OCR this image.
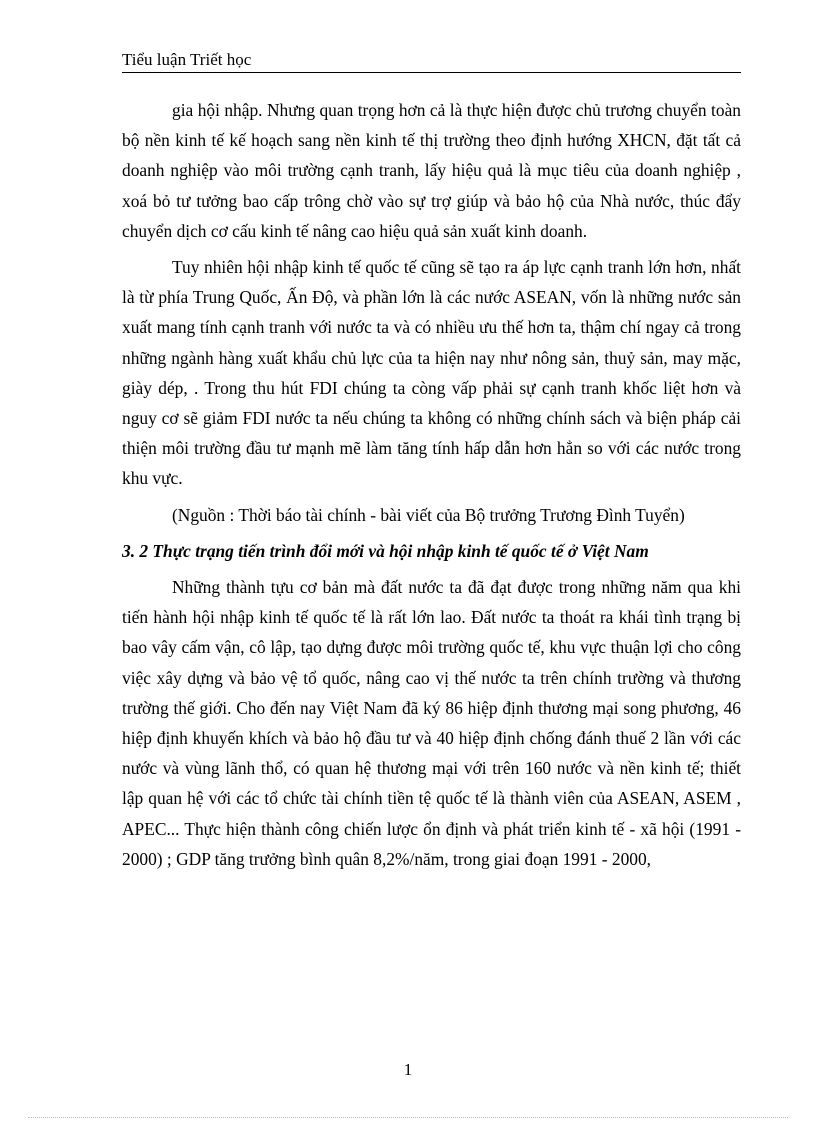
Tiểu luận Triết học

gia hội nhập. Nhưng quan trọng hơn cả là thực hiện được chủ trương chuyển toàn bộ nền kinh tế kế hoạch sang nền kinh tế thị trường theo định hướng XHCN, đặt tất cả doanh nghiệp vào môi trường cạnh tranh, lấy hiệu quả là mục tiêu của doanh nghiệp , xoá bỏ tư tưởng bao cấp trông chờ vào sự trợ giúp và bảo hộ của Nhà nước, thúc đẩy chuyển dịch cơ cấu kinh tế nâng cao hiệu quả sản xuất kinh doanh.

Tuy nhiên hội nhập kinh tế quốc tế cũng sẽ tạo ra áp lực cạnh tranh lớn hơn, nhất là từ phía Trung Quốc, Ấn Độ, và phần lớn là các nước ASEAN, vốn là những nước sản xuất mang tính cạnh tranh với nước ta và có nhiều ưu thế hơn ta, thậm chí ngay cả trong những ngành hàng xuất khẩu chủ lực của ta hiện nay như nông sản, thuỷ sản, may mặc, giày dép, . Trong thu hút FDI chúng ta còng vấp phải sự cạnh tranh khốc liệt hơn và nguy cơ sẽ giảm FDI nước ta nếu chúng ta không có những chính sách và biện pháp cải thiện môi trường đầu tư mạnh mẽ làm tăng tính hấp dẫn hơn hẳn so với các nước trong khu vực.

(Nguồn : Thời báo tài chính - bài viết của Bộ trưởng Trương Đình Tuyển)

3. 2 Thực trạng tiến trình đổi mới và hội nhập kinh tế quốc tế ở Việt Nam

Những thành tựu cơ bản mà đất nước ta đã đạt được trong những năm qua khi tiến hành hội nhập kinh tế quốc tế là rất lớn lao. Đất nước ta thoát ra khái tình trạng bị bao vây cấm vận, cô lập, tạo dựng được môi trường quốc tế, khu vực thuận lợi cho công việc xây dựng và bảo vệ tổ quốc, nâng cao vị thế nước ta trên chính trường và thương trường thế giới. Cho đến nay Việt Nam đã ký 86 hiệp định thương mại song phương, 46 hiệp định khuyến khích và bảo hộ đầu tư và 40 hiệp định chống đánh thuế 2 lần với các nước và vùng lãnh thổ, có quan hệ thương mại với trên 160 nước và nền kinh tế; thiết lập quan hệ với các tổ chức tài chính tiền tệ quốc tế là thành viên của ASEAN, ASEM , APEC... Thực hiện thành công chiến lược ổn định và phát triển kinh tế - xã hội (1991 - 2000) ; GDP tăng trưởng bình quân 8,2%/năm, trong giai đoạn 1991 - 2000,

1
